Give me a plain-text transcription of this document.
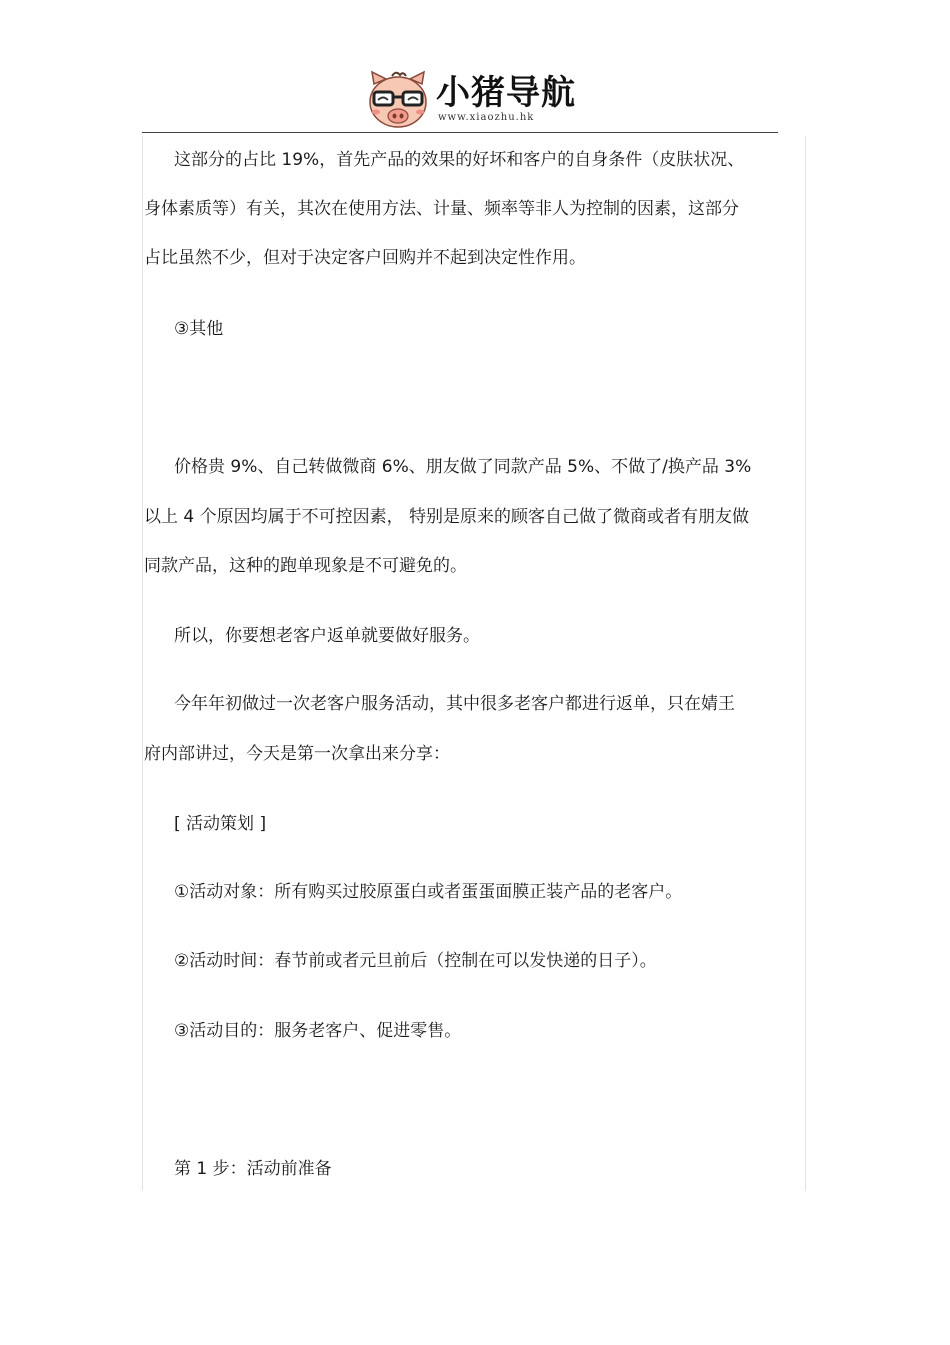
小猪导航
www.xiaozhu.hk
这部分的占比 19%，首先产品的效果的好坏和客户的自身条件（皮肤状况、
身体素质等）有关，其次在使用方法、计量、频率等非人为控制的因素，这部分
占比虽然不少，但对于决定客户回购并不起到决定性作用。
③其他
价格贵 9%、自己转做微商 6%、朋友做了同款产品 5%、不做了/换产品 3%
以上 4 个原因均属于不可控因素， 特别是原来的顾客自己做了微商或者有朋友做
同款产品，这种的跑单现象是不可避免的。
所以，你要想老客户返单就要做好服务。
今年年初做过一次老客户服务活动，其中很多老客户都进行返单，只在婧王
府内部讲过，今天是第一次拿出来分享：
[ 活动策划 ]
①活动对象：所有购买过胶原蛋白或者蛋蛋面膜正装产品的老客户。
②活动时间：春节前或者元旦前后（控制在可以发快递的日子）。
③活动目的：服务老客户、促进零售。
第 1 步：活动前准备
